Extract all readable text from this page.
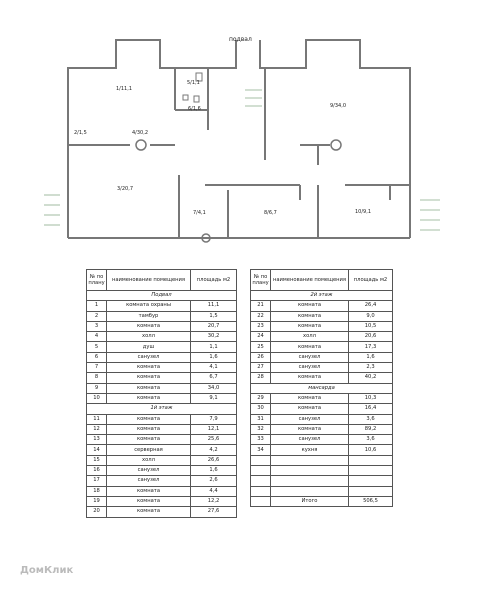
подвал
1/11,1
5/1,1
6/1,6
2/1,5	4/30,2
3/20,7
7/4,1	8/6,7
9/34,0
10/9,1
№ по плану	наименование помещения	площадь м2
Подвал		
1	комната охраны	11,1
2	тамбур	1,5
3	комната	20,7
4	холл	30,2
5	душ	1,1
6	санузел	1,6
7	комната	4,1
8	комната	6,7
9	комната	34,0
10	комната	9,1
1й этаж		
11	комната	7,9
12	комната	12,1
13	комната	25,6
14	серверная	4,2
15	холл	26,6
16	санузел	1,6
17	санузел	2,6
18	комната	4,4
19	комната	12,2
20	комната	27,6
№ по плану	наименование помещения	площадь м2
2й этаж		
21	комната	26,4
22	комната	9,0
23	комната	10,5
24	холл	20,6
25	комната	17,3
26	санузел	1,6
27	санузел	2,3
28	комната	40,2
мансарда		
29	комната	10,3
30	комната	16,4
31	санузел	3,6
32	комната	89,2
33	санузел	3,6
34	кухня	10,6

	Итого	506,5
ДомКлик
